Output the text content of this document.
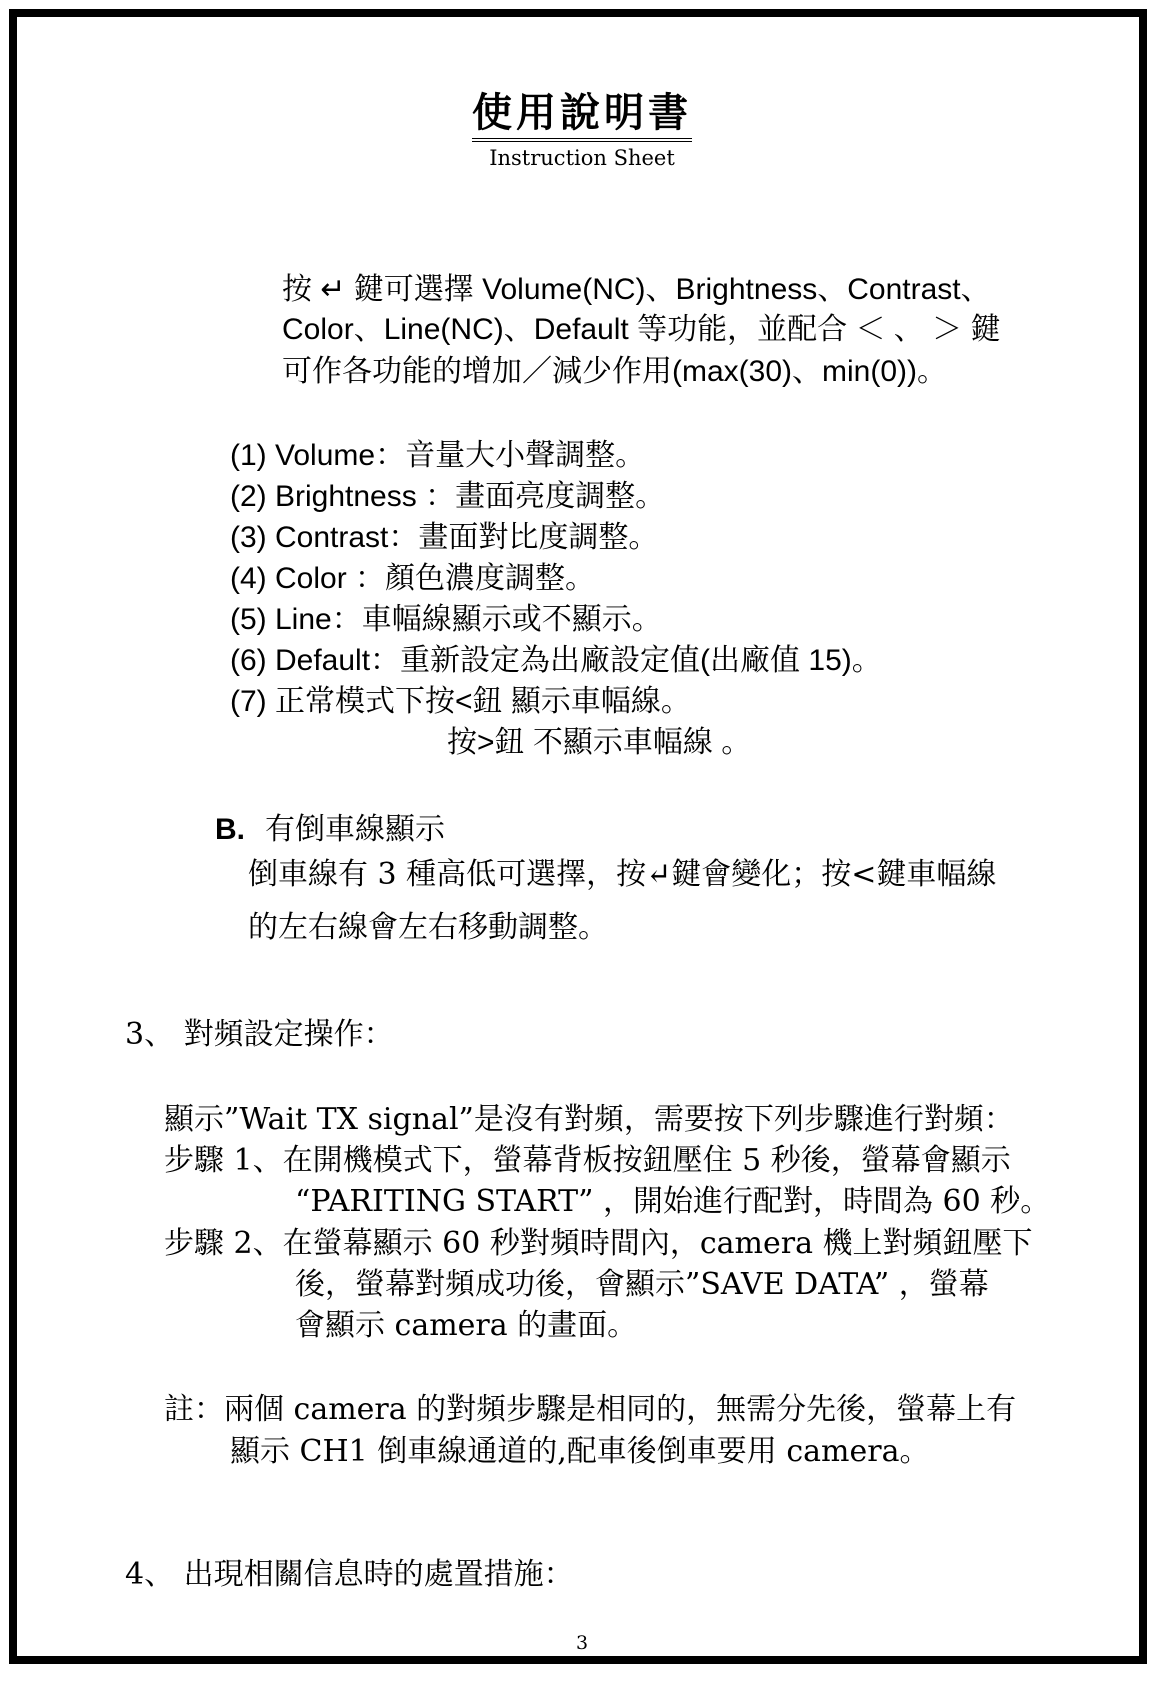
使用說明書
Instruction Sheet
按 ↵ 鍵可選擇 Volume(NC)、Brightness、Contrast、
Color、Line(NC)、Default 等功能，並配合 ＜ 、 ＞ 鍵
可作各功能的增加／減少作用(max(30)、min(0))。
(1) Volume：音量大小聲調整。
(2) Brightness ：畫面亮度調整。
(3) Contrast：畫面對比度調整。
(4) Color ：顏色濃度調整。
(5) Line：車幅線顯示或不顯示。
(6) Default：重新設定為出廠設定值(出廠值 15)。
(7) 正常模式下按<鈕 顯示車幅線。
按>鈕 不顯示車幅線 。
B. 有倒車線顯示
倒車線有 3 種高低可選擇，按↵鍵會變化；按<鍵車幅線
的左右線會左右移動調整。
3、 對頻設定操作：
顯示”Wait TX signal”是沒有對頻，需要按下列步驟進行對頻：
步驟 1、在開機模式下，螢幕背板按鈕壓住 5 秒後，螢幕會顯示
“PARITING START” ，開始進行配對，時間為 60 秒。
步驟 2、在螢幕顯示 60 秒對頻時間內，camera 機上對頻鈕壓下
後，螢幕對頻成功後，會顯示”SAVE DATA” ，螢幕
會顯示 camera 的畫面。
註：兩個 camera 的對頻步驟是相同的，無需分先後，螢幕上有
顯示 CH1 倒車線通道的,配車後倒車要用 camera。
4、 出現相關信息時的處置措施：
3
